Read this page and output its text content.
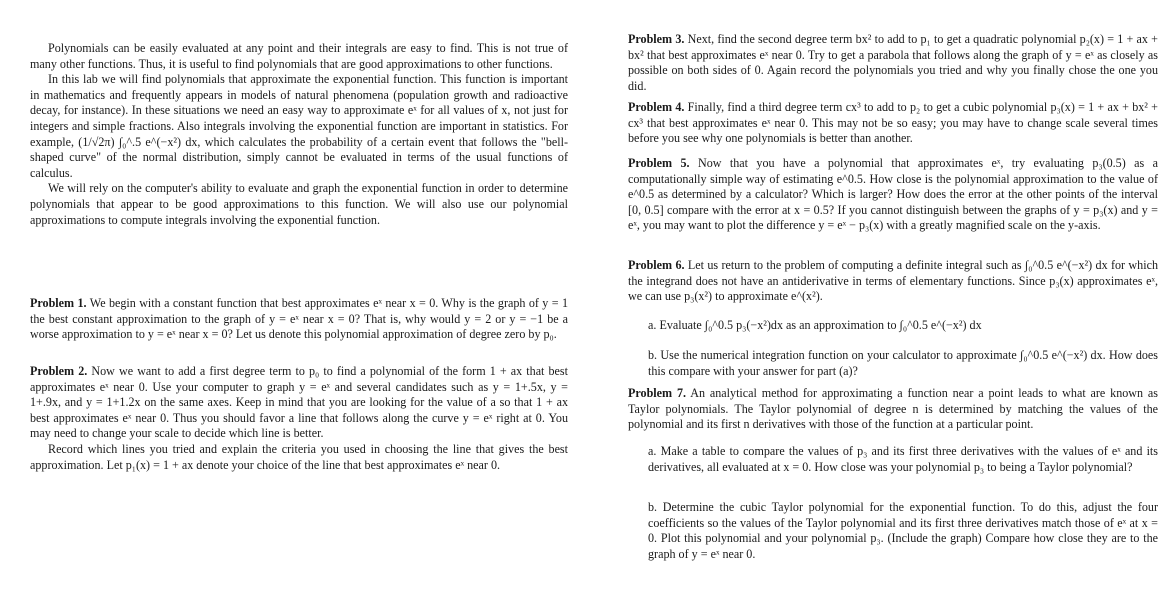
Polynomials can be easily evaluated at any point and their integrals are easy to find. This is not true of many other functions. Thus, it is useful to find polynomials that are good approximations to other functions.

In this lab we will find polynomials that approximate the exponential function. This function is important in mathematics and frequently appears in models of natural phenomena (population growth and radioactive decay, for instance). In these situations we need an easy way to approximate eˣ for all values of x, not just for integers and simple fractions. Also integrals involving the exponential function are important in statistics. For example, (1/√2π) ∫₀^.5 e^(−x²) dx, which calculates the probability of a certain event that follows the "bell-shaped curve" of the normal distribution, simply cannot be evaluated in terms of the usual functions of calculus.

We will rely on the computer's ability to evaluate and graph the exponential function in order to determine polynomials that appear to be good approximations to this function. We will also use our polynomial approximations to compute integrals involving the exponential function.

Problem 1. We begin with a constant function that best approximates eˣ near x = 0. Why is the graph of y = 1 the best constant approximation to the graph of y = eˣ near x = 0? That is, why would y = 2 or y = −1 be a worse approximation to y = eˣ near x = 0? Let us denote this polynomial approximation of degree zero by p₀.

Problem 2. Now we want to add a first degree term to p₀ to find a polynomial of the form 1 + ax that best approximates eˣ near 0. Use your computer to graph y = eˣ and several candidates such as y = 1+.5x, y = 1+.9x, and y = 1+1.2x on the same axes. Keep in mind that you are looking for the value of a so that 1 + ax best approximates eˣ near 0. Thus you should favor a line that follows along the curve y = eˣ right at 0. You may need to change your scale to decide which line is better.

Record which lines you tried and explain the criteria you used in choosing the line that gives the best approximation. Let p₁(x) = 1 + ax denote your choice of the line that best approximates eˣ near 0.

Problem 3. Next, find the second degree term bx² to add to p₁ to get a quadratic polynomial p₂(x) = 1 + ax + bx² that best approximates eˣ near 0. Try to get a parabola that follows along the graph of y = eˣ as closely as possible on both sides of 0. Again record the polynomials you tried and why you finally chose the one you did.

Problem 4. Finally, find a third degree term cx³ to add to p₂ to get a cubic polynomial p₃(x) = 1 + ax + bx² + cx³ that best approximates eˣ near 0. This may not be so easy; you may have to change scale several times before you see why one polynomials is better than another.

Problem 5. Now that you have a polynomial that approximates eˣ, try evaluating p₃(0.5) as a computationally simple way of estimating e^0.5. How close is the polynomial approximation to the value of e^0.5 as determined by a calculator? Which is larger? How does the error at the other points of the interval [0, 0.5] compare with the error at x = 0.5? If you cannot distinguish between the graphs of y = p₃(x) and y = eˣ, you may want to plot the difference y = eˣ − p₃(x) with a greatly magnified scale on the y-axis.

Problem 6. Let us return to the problem of computing a definite integral such as ∫₀^0.5 e^(−x²) dx for which the integrand does not have an antiderivative in terms of elementary functions. Since p₃(x) approximates eˣ, we can use p₃(x²) to approximate e^(x²).

a. Evaluate ∫₀^0.5 p₃(−x²)dx as an approximation to ∫₀^0.5 e^(−x²) dx
b. Use the numerical integration function on your calculator to approximate ∫₀^0.5 e^(−x²) dx. How does this compare with your answer for part (a)?

Problem 7. An analytical method for approximating a function near a point leads to what are known as Taylor polynomials. The Taylor polynomial of degree n is determined by matching the values of the polynomial and its first n derivatives with those of the function at a particular point.

a. Make a table to compare the values of p₃ and its first three derivatives with the values of eˣ and its derivatives, all evaluated at x = 0. How close was your polynomial p₃ to being a Taylor polynomial?
b. Determine the cubic Taylor polynomial for the exponential function. To do this, adjust the four coefficients so the values of the Taylor polynomial and its first three derivatives match those of eˣ at x = 0. Plot this polynomial and your polynomial p₃. (Include the graph) Compare how close they are to the graph of y = eˣ near 0.
